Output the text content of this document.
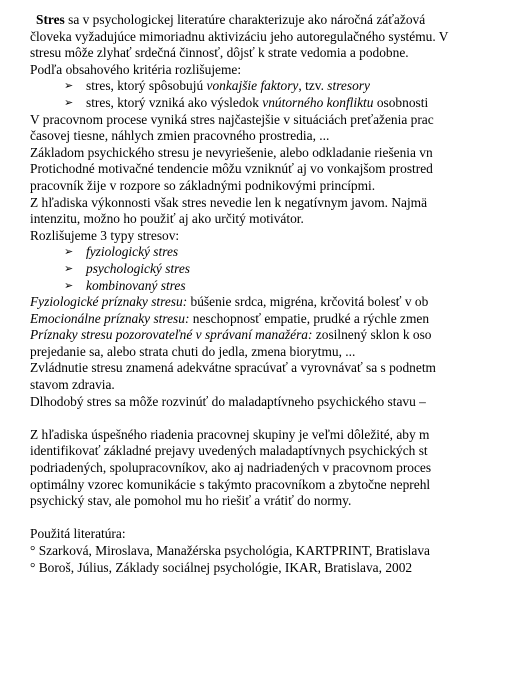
Stres sa v psychologickej literatúre charakterizuje ako náročná záťažová
človeka vyžadujúce mimoriadnu aktivizáciu jeho autoregulačného systému. V
stresu môže zlyhať srdečná činnosť, dôjsť k strate vedomia a podobne.
Podľa obsahového kritéria rozlišujeme:
➢ stres, ktorý spôsobujú vonkajšie faktory, tzv. stresory
➢ stres, ktorý vzniká ako výsledok vnútorného konfliktu osobnosti
V pracovnom procese vyniká stres najčastejšie v situáciách preťaženia prac
časovej tiesne, náhlych zmien pracovného prostredia, ...
Základom psychického stresu je nevyriešenie, alebo odkladanie riešenia vn
Protichodné motivačné tendencie môžu vzniknúť aj vo vonkajšom prostred
pracovník žije v rozpore so základnými podnikovými princípmi.
Z hľadiska výkonnosti však stres nevedie len k negatívnym javom. Najmä
intenzitu, možno ho použiť aj ako určitý motivátor.
Rozlišujeme 3 typy stresov:
➢ fyziologický stres
➢ psychologický stres
➢ kombinovaný stres
Fyziologické príznaky stresu: búšenie srdca, migréna, krčovitá bolesť v ob
Emocionálne príznaky stresu: neschopnosť empatie, prudké a rýchle zmen
Príznaky stresu pozorovateľné v správaní manažéra: zosilnený sklon k oso
prejedanie sa, alebo strata chuti do jedla, zmena biorytmu, ...
Zvládnutie stresu znamená adekvátne spracúvať a vyrovnávať sa s podnetm
stavom zdravia.
Dlhodobý stres sa môže rozvinúť do maladaptívneho psychického stavu –
Z hľadiska úspešného riadenia pracovnej skupiny je veľmi dôležité, aby m
identifikovať základné prejavy uvedených maladaptívnych psychických st
podriadených, spolupracovníkov, ako aj nadriadených v pracovnom proces
optimálny vzorec komunikácie s takýmto pracovníkom a zbytočne neprehl
psychický stav, ale pomohol mu ho riešiť a vrátiť do normy.
Použitá literatúra:
° Szarková, Miroslava, Manažérska psychológia, KARTPRINT, Bratislava
° Boroš, Július, Základy sociálnej psychológie, IKAR, Bratislava, 2002
